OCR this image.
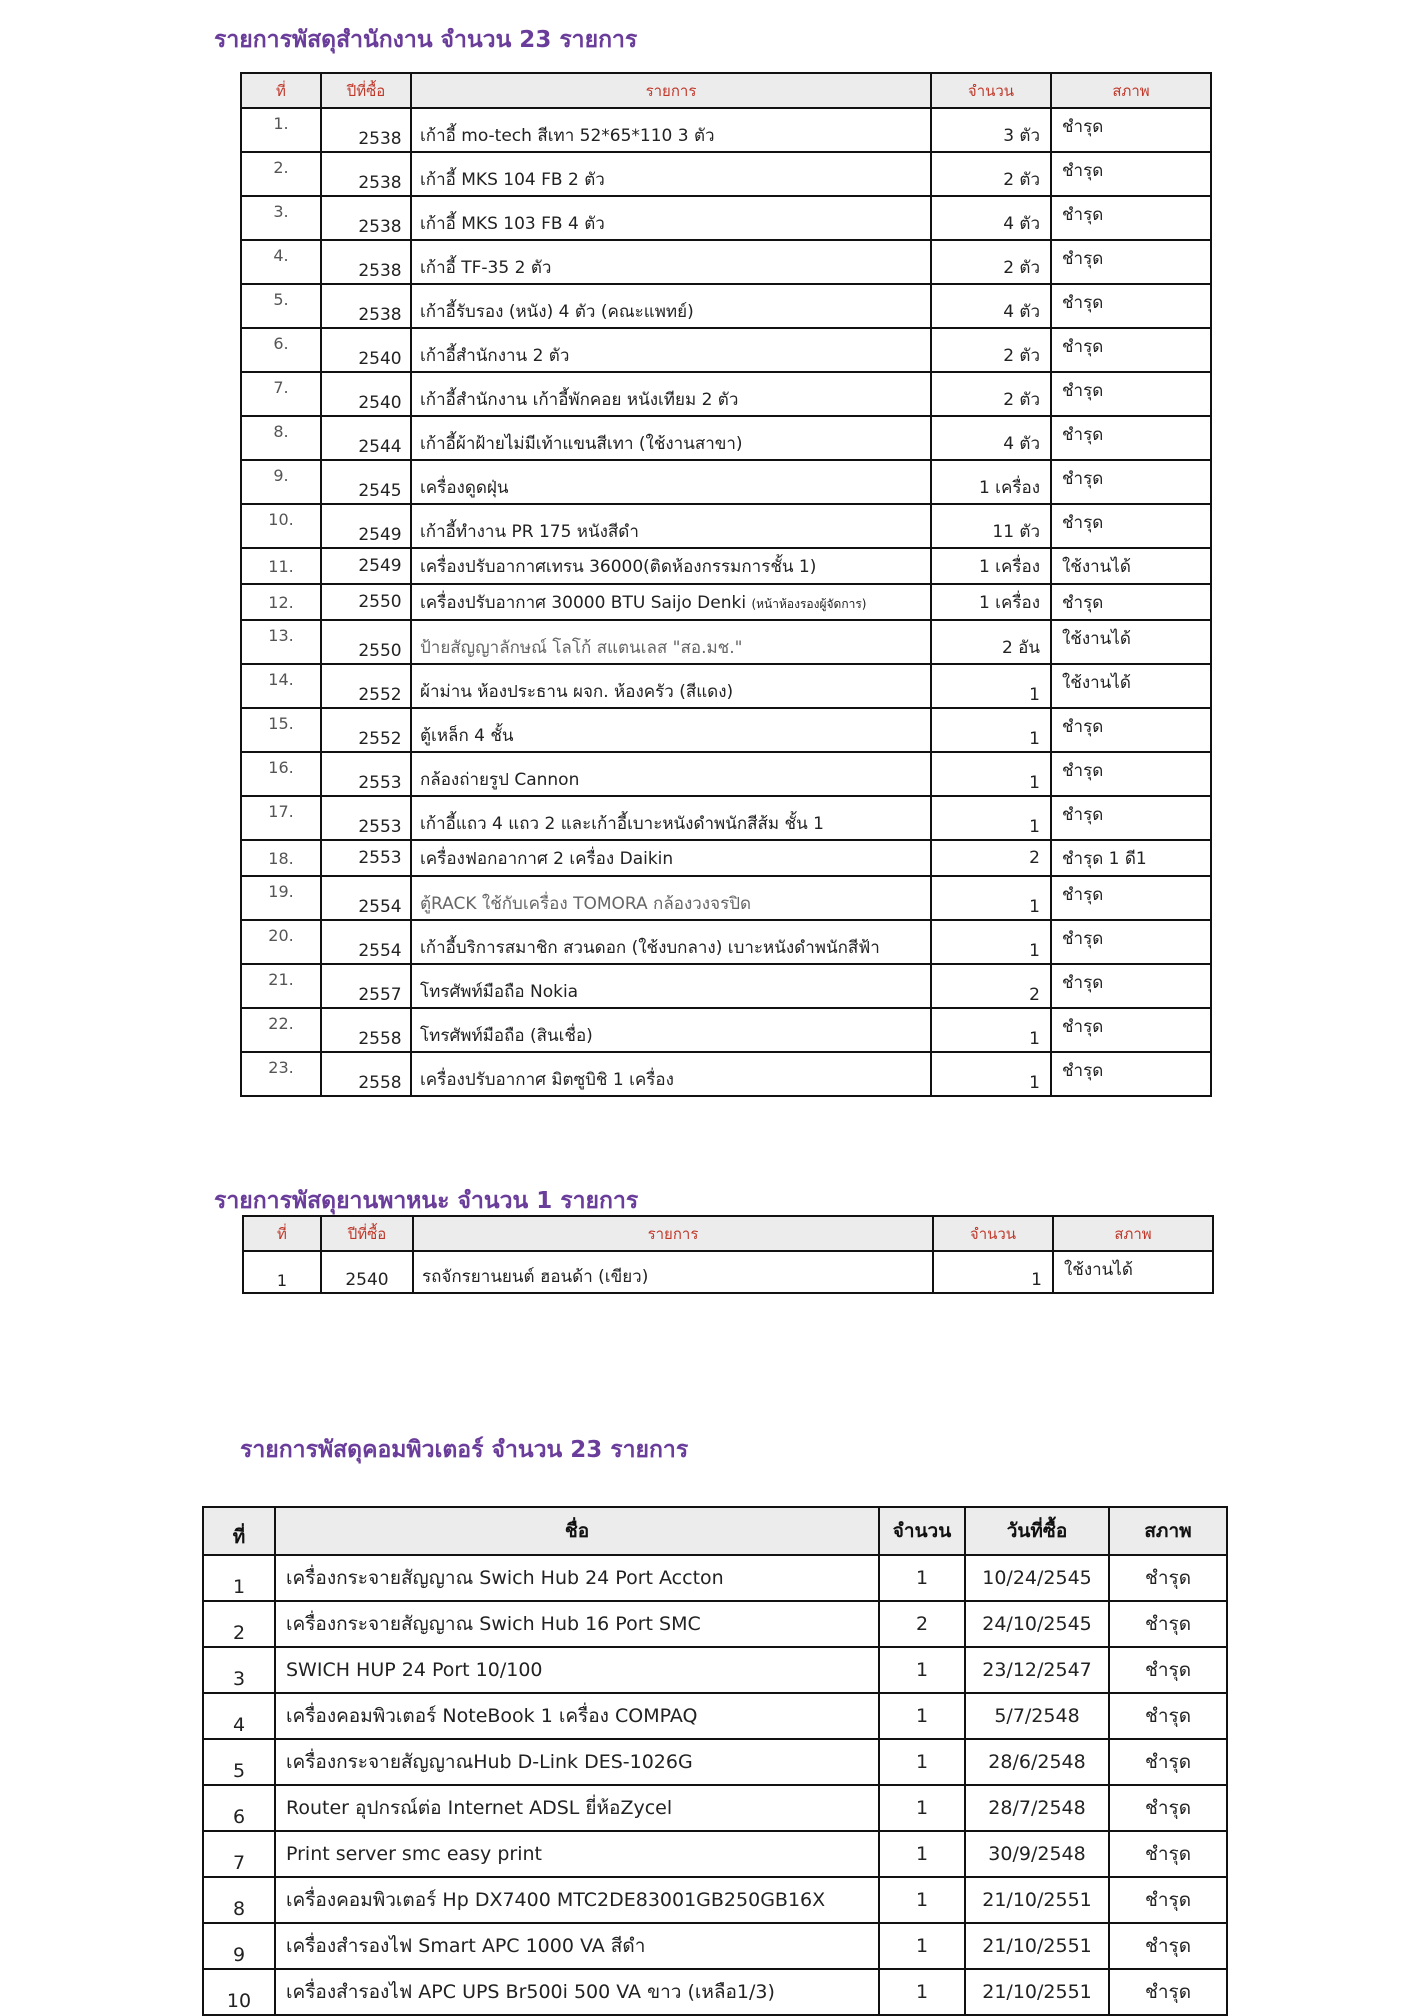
รายการพัสดุสำนักงาน จำนวน 23 รายการ
ที่	ปีที่ซื้อ	รายการ	จำนวน	สภาพ
1.	2538	เก้าอี้ mo-tech สีเทา 52*65*110 3 ตัว	3 ตัว	ชำรุด
2.	2538	เก้าอี้ MKS 104 FB 2 ตัว	2 ตัว	ชำรุด
3.	2538	เก้าอี้ MKS 103 FB 4 ตัว	4 ตัว	ชำรุด
4.	2538	เก้าอี้ TF-35 2 ตัว	2 ตัว	ชำรุด
5.	2538	เก้าอี้รับรอง (หนัง) 4 ตัว (คณะแพทย์)	4 ตัว	ชำรุด
6.	2540	เก้าอี้สำนักงาน 2 ตัว	2 ตัว	ชำรุด
7.	2540	เก้าอี้สำนักงาน เก้าอี้พักคอย หนังเทียม 2 ตัว	2 ตัว	ชำรุด
8.	2544	เก้าอี้ผ้าฝ้ายไม่มีเท้าแขนสีเทา (ใช้งานสาขา)	4 ตัว	ชำรุด
9.	2545	เครื่องดูดฝุ่น	1 เครื่อง	ชำรุด
10.	2549	เก้าอี้ทำงาน PR 175 หนังสีดำ	11 ตัว	ชำรุด
11.	2549	เครื่องปรับอากาศเทรน 36000(ติดห้องกรรมการชั้น 1)	1 เครื่อง	ใช้งานได้
12.	2550	เครื่องปรับอากาศ 30000 BTU Saijo Denki (หน้าห้องรองผู้จัดการ)	1 เครื่อง	ชำรุด
13.	2550	ป้ายสัญญาลักษณ์ โลโก้ สแตนเลส "สอ.มช."	2 อัน	ใช้งานได้
14.	2552	ผ้าม่าน ห้องประธาน ผจก. ห้องครัว (สีแดง)	1	ใช้งานได้
15.	2552	ตู้เหล็ก 4 ชั้น	1	ชำรุด
16.	2553	กล้องถ่ายรูป Cannon	1	ชำรุด
17.	2553	เก้าอี้แถว 4 แถว 2 และเก้าอี้เบาะหนังดำพนักสีส้ม ชั้น 1	1	ชำรุด
18.	2553	เครื่องฟอกอากาศ 2 เครื่อง Daikin	2	ชำรุด 1 ดี1
19.	2554	ตู้RACK ใช้กับเครื่อง TOMORA กล้องวงจรปิด	1	ชำรุด
20.	2554	เก้าอี้บริการสมาชิก สวนดอก (ใช้งบกลาง) เบาะหนังดำพนักสีฟ้า	1	ชำรุด
21.	2557	โทรศัพท์มือถือ Nokia	2	ชำรุด
22.	2558	โทรศัพท์มือถือ (สินเชื่อ)	1	ชำรุด
23.	2558	เครื่องปรับอากาศ มิตซูบิชิ 1 เครื่อง	1	ชำรุด
รายการพัสดุยานพาหนะ จำนวน 1 รายการ
ที่	ปีที่ซื้อ	รายการ	จำนวน	สภาพ
1	2540	รถจักรยานยนต์ ฮอนด้า (เขียว)	1	ใช้งานได้
รายการพัสดุคอมพิวเตอร์ จำนวน 23 รายการ
ที่	ชื่อ	จำนวน	วันที่ซื้อ	สภาพ
1	เครื่องกระจายสัญญาณ Swich Hub 24 Port Accton	1	10/24/2545	ชำรุด
2	เครื่องกระจายสัญญาณ Swich Hub 16 Port SMC	2	24/10/2545	ชำรุด
3	SWICH HUP 24 Port 10/100	1	23/12/2547	ชำรุด
4	เครื่องคอมพิวเตอร์ NoteBook 1 เครื่อง COMPAQ	1	5/7/2548	ชำรุด
5	เครื่องกระจายสัญญาณHub D-Link DES-1026G	1	28/6/2548	ชำรุด
6	Router อุปกรณ์ต่อ Internet ADSL ยี่ห้อZycel	1	28/7/2548	ชำรุด
7	Print server smc easy print	1	30/9/2548	ชำรุด
8	เครื่องคอมพิวเตอร์ Hp DX7400 MTC2DE83001GB250GB16X	1	21/10/2551	ชำรุด
9	เครื่องสำรองไฟ Smart APC 1000 VA สีดำ	1	21/10/2551	ชำรุด
10	เครื่องสำรองไฟ APC UPS Br500i 500 VA ขาว (เหลือ1/3)	1	21/10/2551	ชำรุด
